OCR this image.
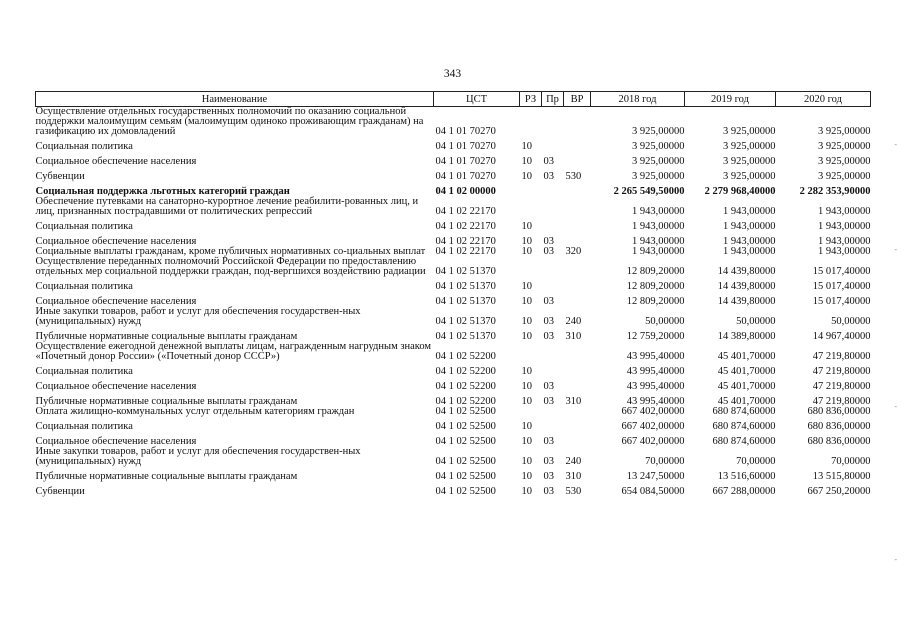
343
Наименование	ЦСТ	РЗ	Пр	ВР	2018 год	2019 год	2020 год
Осуществление отдельных государственных полномочий по оказанию социальной поддержки малоимущим семьям (малоимущим одиноко проживающим гражданам) на газификацию их домовладений	04 1 01 70270				3 925,00000	3 925,00000	3 925,00000
Социальная политика	04 1 01 70270	10			3 925,00000	3 925,00000	3 925,00000
Социальное обеспечение населения	04 1 01 70270	10	03		3 925,00000	3 925,00000	3 925,00000
Субвенции	04 1 01 70270	10	03	530	3 925,00000	3 925,00000	3 925,00000
Социальная поддержка льготных категорий граждан	04 1 02 00000				2 265 549,50000	2 279 968,40000	2 282 353,90000
Обеспечение путевками на санаторно-курортное лечение реабилити-рованных лиц, и лиц, признанных пострадавшими от политических репрессий	04 1 02 22170				1 943,00000	1 943,00000	1 943,00000
Социальная политика	04 1 02 22170	10			1 943,00000	1 943,00000	1 943,00000
Социальное обеспечение населения	04 1 02 22170	10	03		1 943,00000	1 943,00000	1 943,00000
Социальные выплаты гражданам, кроме публичных нормативных со-циальных выплат	04 1 02 22170	10	03	320	1 943,00000	1 943,00000	1 943,00000
Осуществление переданных полномочий Российской Федерации по предоставлению отдельных мер социальной поддержки граждан, под-вергшихся воздействию радиации	04 1 02 51370				12 809,20000	14 439,80000	15 017,40000
Социальная политика	04 1 02 51370	10			12 809,20000	14 439,80000	15 017,40000
Социальное обеспечение населения	04 1 02 51370	10	03		12 809,20000	14 439,80000	15 017,40000
Иные закупки товаров, работ и услуг для обеспечения государствен-ных (муниципальных) нужд	04 1 02 51370	10	03	240	50,00000	50,00000	50,00000
Публичные нормативные социальные выплаты гражданам	04 1 02 51370	10	03	310	12 759,20000	14 389,80000	14 967,40000
Осуществление ежегодной денежной выплаты лицам, награжденным нагрудным знаком «Почетный донор России» («Почетный донор СССР»)	04 1 02 52200				43 995,40000	45 401,70000	47 219,80000
Социальная политика	04 1 02 52200	10			43 995,40000	45 401,70000	47 219,80000
Социальное обеспечение населения	04 1 02 52200	10	03		43 995,40000	45 401,70000	47 219,80000
Публичные нормативные социальные выплаты гражданам	04 1 02 52200	10	03	310	43 995,40000	45 401,70000	47 219,80000
Оплата жилищно-коммунальных услуг отдельным категориям граждан	04 1 02 52500				667 402,00000	680 874,60000	680 836,00000
Социальная политика	04 1 02 52500	10			667 402,00000	680 874,60000	680 836,00000
Социальное обеспечение населения	04 1 02 52500	10	03		667 402,00000	680 874,60000	680 836,00000
Иные закупки товаров, работ и услуг для обеспечения государствен-ных (муниципальных) нужд	04 1 02 52500	10	03	240	70,00000	70,00000	70,00000
Публичные нормативные социальные выплаты гражданам	04 1 02 52500	10	03	310	13 247,50000	13 516,60000	13 515,80000
Субвенции	04 1 02 52500	10	03	530	654 084,50000	667 288,00000	667 250,20000
-
-
-
-
